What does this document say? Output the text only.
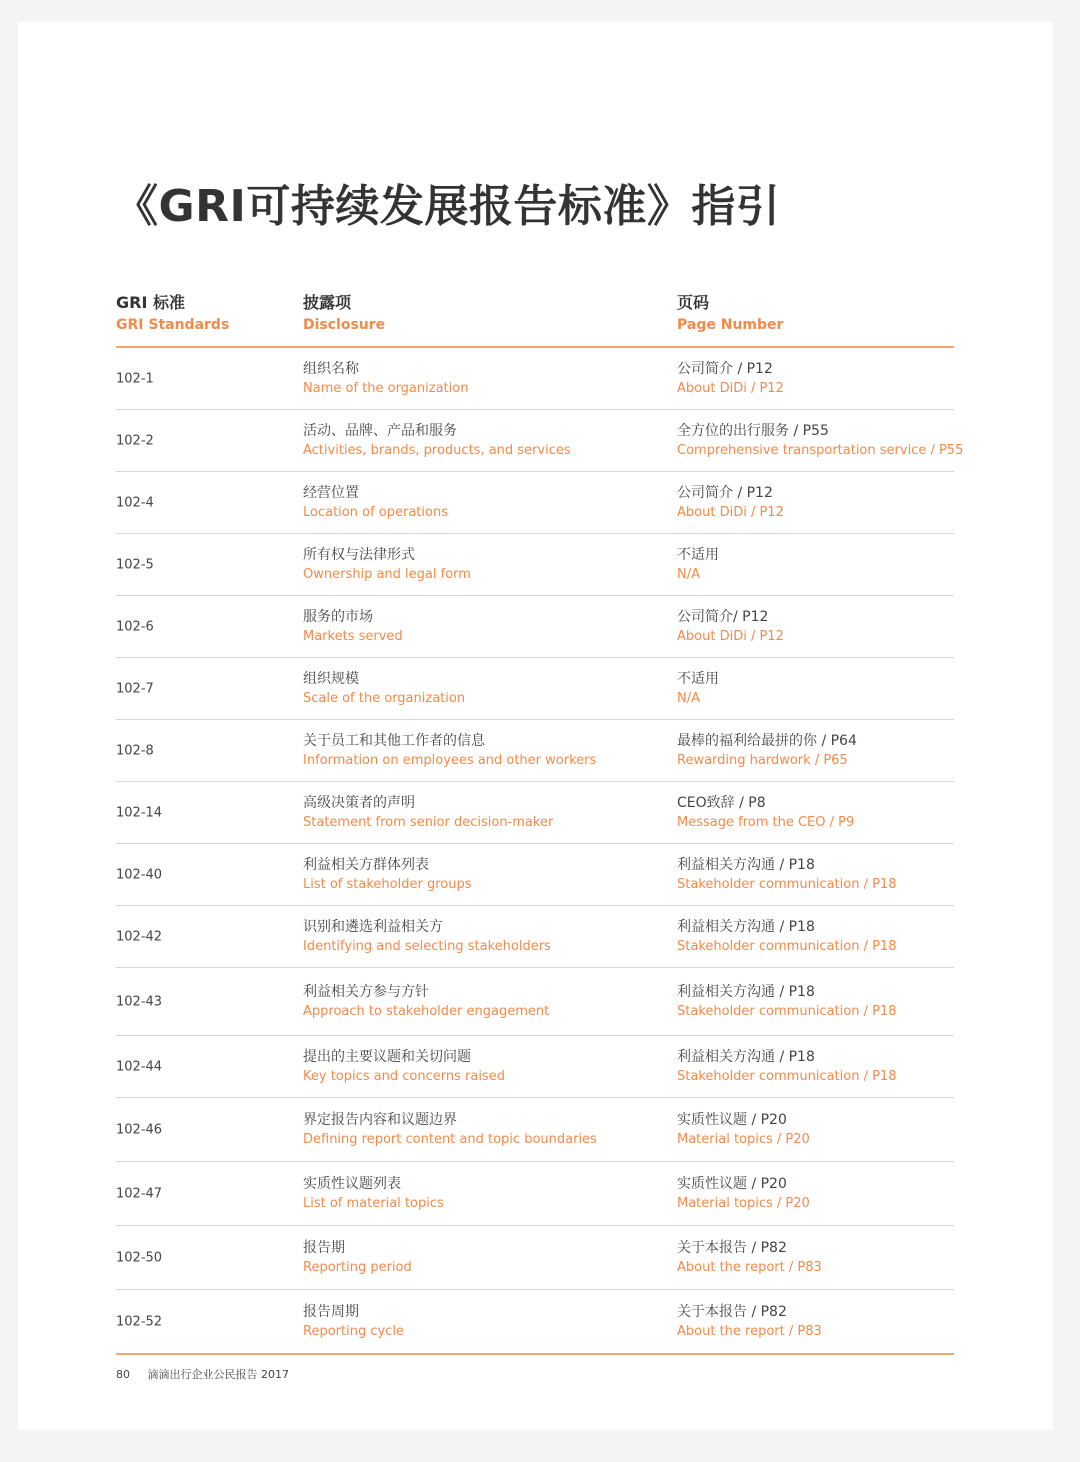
《GRI可持续发展报告标准》指引
GRI 标准
GRI Standards
披露项
Disclosure
页码
Page Number
102-1
组织名称
Name of the organization
公司简介 / P12
About DiDi / P12
102-2
活动、品牌、产品和服务
Activities, brands, products, and services
全方位的出行服务 / P55
Comprehensive transportation service / P55
102-4
经营位置
Location of operations
公司简介 / P12
About DiDi / P12
102-5
所有权与法律形式
Ownership and legal form
不适用
N/A
102-6
服务的市场
Markets served
公司简介/ P12
About DiDi / P12
102-7
组织规模
Scale of the organization
不适用
N/A
102-8
关于员工和其他工作者的信息
Information on employees and other workers
最棒的福利给最拼的你 / P64
Rewarding hardwork / P65
102-14
高级决策者的声明
Statement from senior decision-maker
CEO致辞 / P8
Message from the CEO / P9
102-40
利益相关方群体列表
List of stakeholder groups
利益相关方沟通 / P18
Stakeholder communication / P18
102-42
识别和遴选利益相关方
Identifying and selecting stakeholders
利益相关方沟通 / P18
Stakeholder communication / P18
102-43
利益相关方参与方针
Approach to stakeholder engagement
利益相关方沟通 / P18
Stakeholder communication / P18
102-44
提出的主要议题和关切问题
Key topics and concerns raised
利益相关方沟通 / P18
Stakeholder communication / P18
102-46
界定报告内容和议题边界
Defining report content and topic boundaries
实质性议题 / P20
Material topics / P20
102-47
实质性议题列表
List of material topics
实质性议题 / P20
Material topics / P20
102-50
报告期
Reporting period
关于本报告 / P82
About the report / P83
102-52
报告周期
Reporting cycle
关于本报告 / P82
About the report / P83
80 滴滴出行企业公民报告 2017
